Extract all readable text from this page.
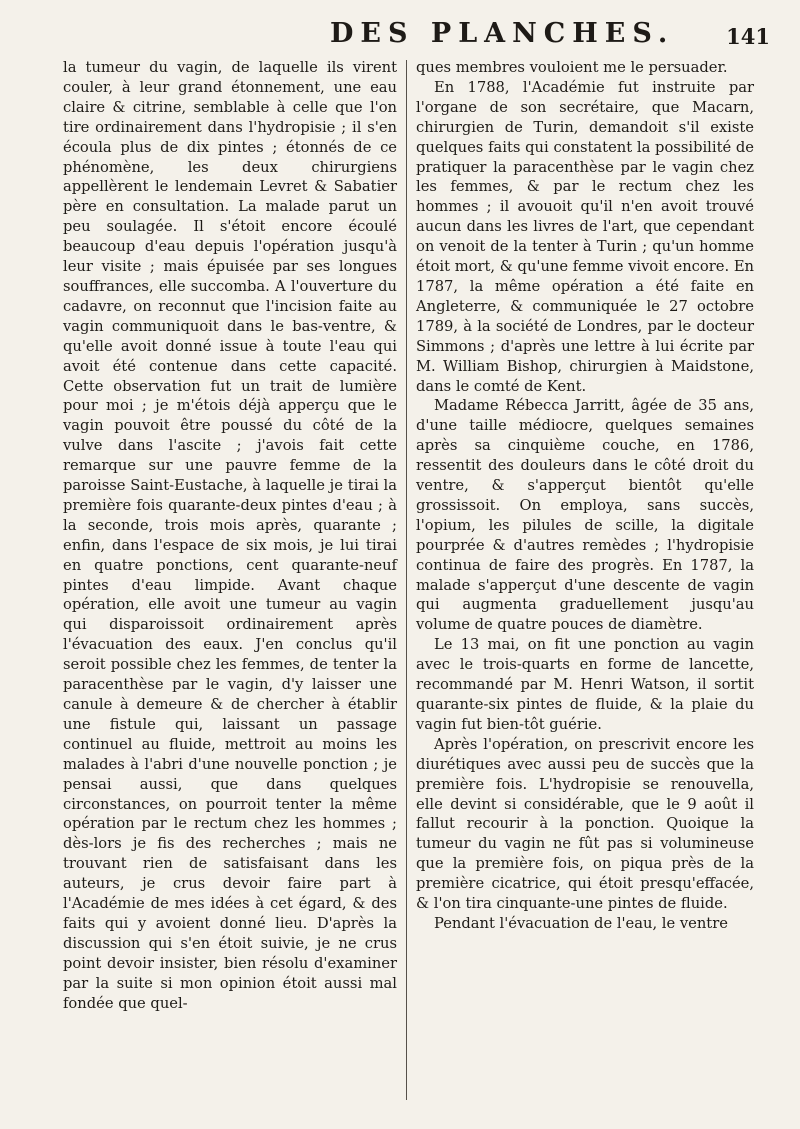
DES PLANCHES. 141

la tumeur du vagin, de laquelle ils virent couler, à leur grand étonnement, une eau claire & citrine, semblable à celle que l'on tire ordinairement dans l'hydropisie ; il s'en écoula plus de dix pintes ; étonnés de ce phénomène, les deux chirurgiens appellèrent le lendemain Levret & Sabatier père en consultation. La malade parut un peu soulagée. Il s'étoit encore écoulé beaucoup d'eau depuis l'opération jusqu'à leur visite ; mais épuisée par ses longues souffrances, elle succomba. A l'ouverture du cadavre, on reconnut que l'incision faite au vagin communiquoit dans le bas-ventre, & qu'elle avoit donné issue à toute l'eau qui avoit été contenue dans cette capacité. Cette observation fut un trait de lumière pour moi ; je m'étois déjà apperçu que le vagin pouvoit être poussé du côté de la vulve dans l'ascite ; j'avois fait cette remarque sur une pauvre femme de la paroisse Saint-Eustache, à laquelle je tirai la première fois quarante-deux pintes d'eau ; à la seconde, trois mois après, quarante ; enfin, dans l'espace de six mois, je lui tirai en quatre ponctions, cent quarante-neuf pintes d'eau limpide. Avant chaque opération, elle avoit une tumeur au vagin qui disparoissoit ordinairement après l'évacuation des eaux. J'en conclus qu'il seroit possible chez les femmes, de tenter la paracenthèse par le vagin, d'y laisser une canule à demeure & de chercher à établir une fistule qui, laissant un passage continuel au fluide, mettroit au moins les malades à l'abri d'une nouvelle ponction ; je pensai aussi, que dans quelques circonstances, on pourroit tenter la même opération par le rectum chez les hommes ; dès-lors je fis des recherches ; mais ne trouvant rien de satisfaisant dans les auteurs, je crus devoir faire part à l'Académie de mes idées à cet égard, & des faits qui y avoient donné lieu. D'après la discussion qui s'en étoit suivie, je ne crus point devoir insister, bien résolu d'examiner par la suite si mon opinion étoit aussi mal fondée que quel-

ques membres vouloient me le persuader.

En 1788, l'Académie fut instruite par l'organe de son secrétaire, que Macarn, chirurgien de Turin, demandoit s'il existe quelques faits qui constatent la possibilité de pratiquer la paracenthèse par le vagin chez les femmes, & par le rectum chez les hommes ; il avouoit qu'il n'en avoit trouvé aucun dans les livres de l'art, que cependant on venoit de la tenter à Turin ; qu'un homme étoit mort, & qu'une femme vivoit encore. En 1787, la même opération a été faite en Angleterre, & communiquée le 27 octobre 1789, à la société de Londres, par le docteur Simmons ; d'après une lettre à lui écrite par M. William Bishop, chirurgien à Maidstone, dans le comté de Kent.

Madame Rébecca Jarritt, âgée de 35 ans, d'une taille médiocre, quelques semaines après sa cinquième couche, en 1786, ressentit des douleurs dans le côté droit du ventre, & s'apperçut bientôt qu'elle grossissoit. On employa, sans succès, l'opium, les pilules de scille, la digitale pourprée & d'autres remèdes ; l'hydropisie continua de faire des progrès. En 1787, la malade s'apperçut d'une descente de vagin qui augmenta graduellement jusqu'au volume de quatre pouces de diamètre.

Le 13 mai, on fit une ponction au vagin avec le trois-quarts en forme de lancette, recommandé par M. Henri Watson, il sortit quarante-six pintes de fluide, & la plaie du vagin fut bien-tôt guérie.

Après l'opération, on prescrivit encore les diurétiques avec aussi peu de succès que la première fois. L'hydropisie se renouvella, elle devint si considérable, que le 9 août il fallut recourir à la ponction. Quoique la tumeur du vagin ne fût pas si volumineuse que la première fois, on piqua près de la première cicatrice, qui étoit presqu'effacée, & l'on tira cinquante-une pintes de fluide.

Pendant l'évacuation de l'eau, le ventre
